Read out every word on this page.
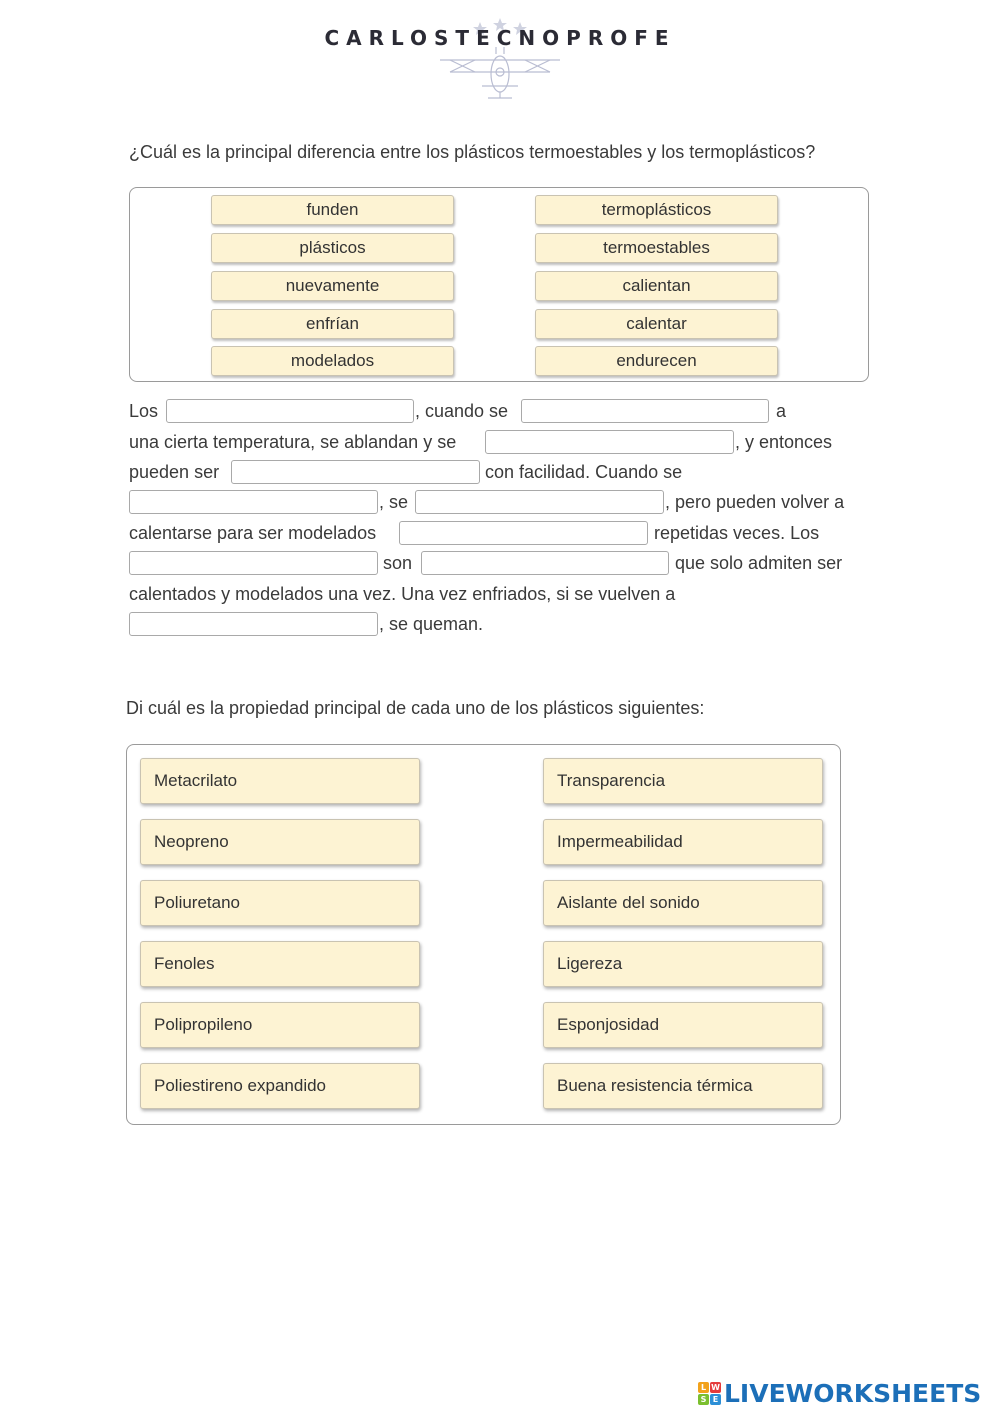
CARLOSTECNOPROFE
¿Cuál es la principal diferencia entre los plásticos termoestables y los termoplásticos?
funden
plásticos
nuevamente
enfrían
modelados
termoplásticos
termoestables
calientan
calentar
endurecen
Los	, cuando se	a
una cierta temperatura, se ablandan y se	, y entonces
pueden ser	con facilidad. Cuando se
, se	, pero pueden volver a
calentarse para ser modelados	repetidas veces. Los
son	que solo admiten ser
calentados y modelados una vez. Una vez enfriados, si se vuelven a
, se queman.
Di cuál es la propiedad principal de cada uno de los plásticos siguientes:
Metacrilato
Neopreno
Poliuretano
Fenoles
Polipropileno
Poliestireno expandido
Transparencia
Impermeabilidad
Aislante del sonido
Ligereza
Esponjosidad
Buena resistencia térmica
L W
S E LIVEWORKSHEETS
